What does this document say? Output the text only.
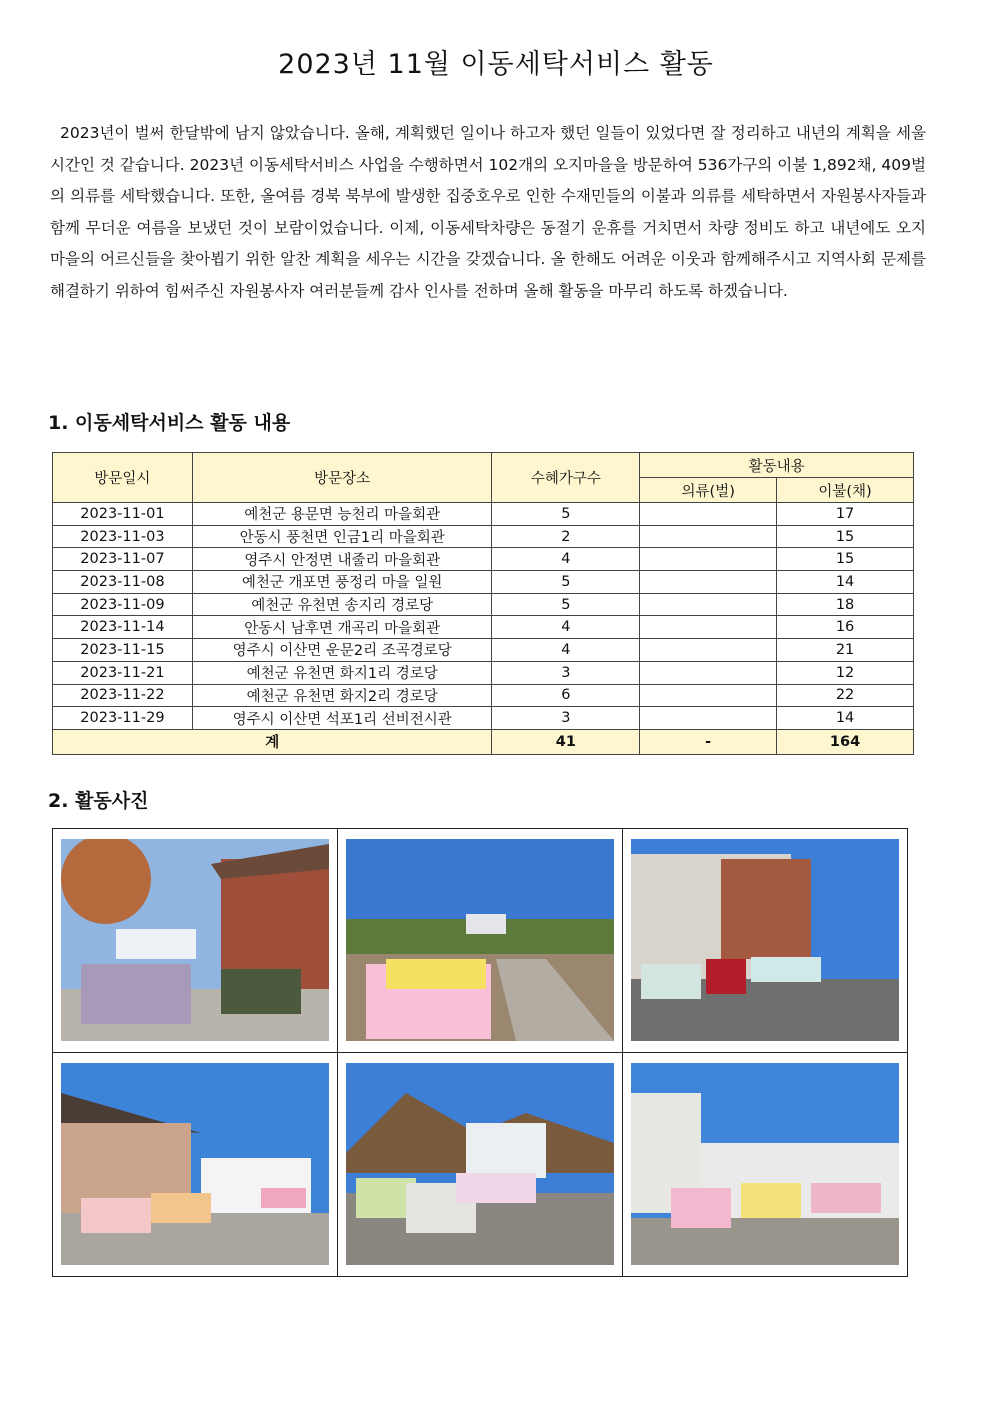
2023년 11월 이동세탁서비스 활동

2023년이 벌써 한달밖에 남지 않았습니다. 올해, 계획했던 일이나 하고자 했던 일들이 있었다면 잘 정리하고 내년의 계획을 세울 시간인 것 같습니다. 2023년 이동세탁서비스 사업을 수행하면서 102개의 오지마을을 방문하여 536가구의 이불 1,892채, 409벌의 의류를 세탁했습니다. 또한, 올여름 경북 북부에 발생한 집중호우로 인한 수재민들의 이불과 의류를 세탁하면서 자원봉사자들과 함께 무더운 여름을 보냈던 것이 보람이었습니다. 이제, 이동세탁차량은 동절기 운휴를 거치면서 차량 정비도 하고 내년에도 오지마을의 어르신들을 찾아뵙기 위한 알찬 계획을 세우는 시간을 갖겠습니다. 올 한해도 어려운 이웃과 함께해주시고 지역사회 문제를 해결하기 위하여 힘써주신 자원봉사자 여러분들께 감사 인사를 전하며 올해 활동을 마무리 하도록 하겠습니다.

1. 이동세탁서비스 활동 내용
방문일시	방문장소	수혜가구수	활동내용	
			의류(벌)	이불(채)
2023-11-01	예천군 용문면 능천리 마을회관	5		17
2023-11-03	안동시 풍천면 인금1리 마을회관	2		15
2023-11-07	영주시 안정면 내줄리 마을회관	4		15
2023-11-08	예천군 개포면 풍정리 마을 일원	5		14
2023-11-09	예천군 유천면 송지리 경로당	5		18
2023-11-14	안동시 남후면 개곡리 마을회관	4		16
2023-11-15	영주시 이산면 운문2리 조곡경로당	4		21
2023-11-21	예천군 유천면 화지1리 경로당	3		12
2023-11-22	예천군 유천면 화지2리 경로당	6		22
2023-11-29	영주시 이산면 석포1리 선비전시관	3		14
계		41	-	164
2. 활동사진
